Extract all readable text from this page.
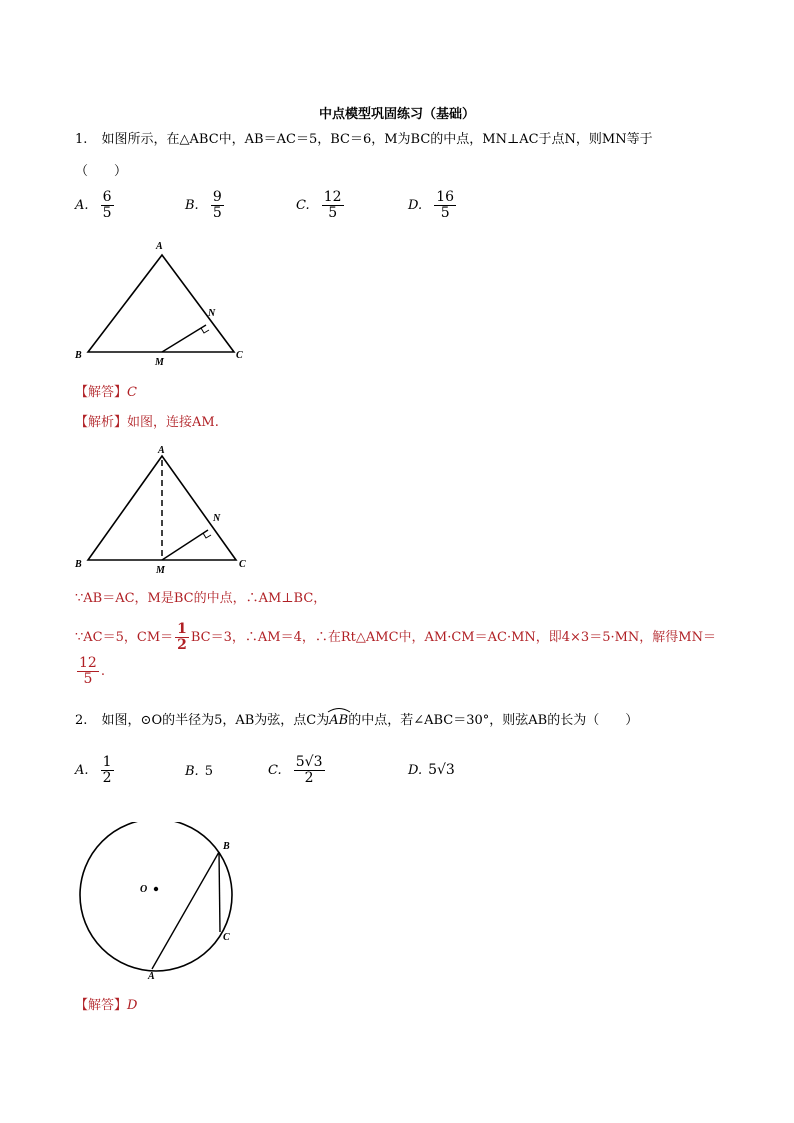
中点模型巩固练习（基础）
1. 如图所示，在△ABC中，AB＝AC＝5，BC＝6，M为BC的中点，MN⊥AC于点N，则MN等于
（　　）
A. $\frac{6}{5}$	B. $\frac{9}{5}$	C. $\frac{12}{5}$	D. $\frac{16}{5}$
A
B	C
M
N
【解答】C
【解析】如图，连接AM.
A
B	C
M
N
∵AB＝AC，M是BC的中点，∴AM⊥BC，
∵AC＝5，$CM= \frac{1}{2} BC=3$，∴AM＝4，∴在Rt△AMC中，AM·CM＝AC·MN，即4×3＝5·MN，解得MN＝
$\frac{12}{5}$ .
2. 如图，⊙O的半径为5，AB为弦，点C为
AB的中点，若∠ABC＝30°，则弦AB的长为（　　）
A. $\frac{1}{2}$	B. 5	C. $\frac{5√3}{2}$	D. 5√3
O
B
C
A
【解答】D
